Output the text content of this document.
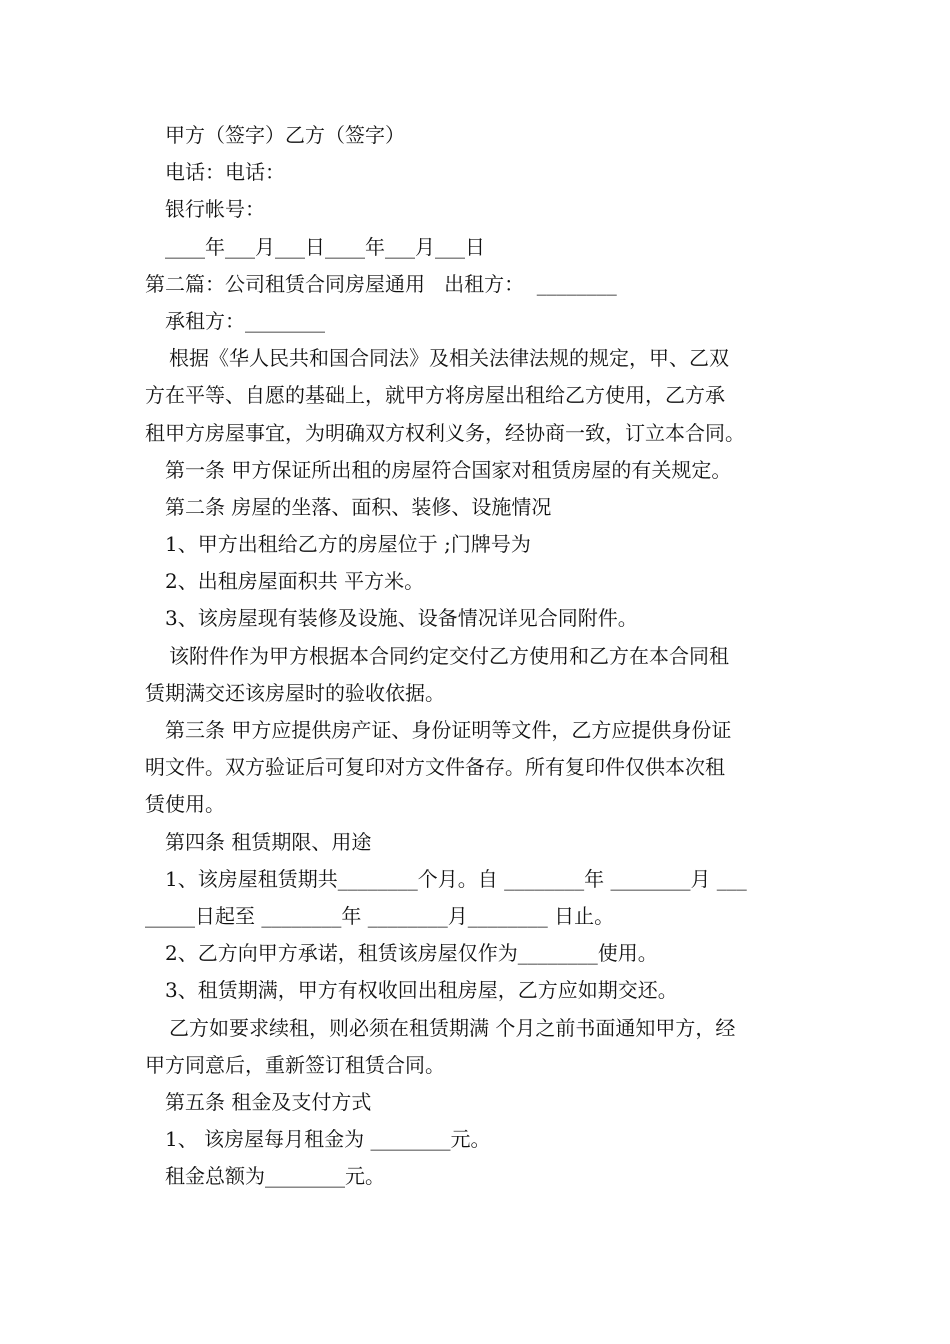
甲方（签字）乙方（签字）
电话：电话：
银行帐号：
____年___月___日____年___月___日
第二篇：公司租赁合同房屋通用   出租方：  ________
承租方：________
根据《华人民共和国合同法》及相关法律法规的规定，甲、乙双
方在平等、自愿的基础上，就甲方将房屋出租给乙方使用，乙方承
租甲方房屋事宜，为明确双方权利义务，经协商一致，订立本合同。
第一条 甲方保证所出租的房屋符合国家对租赁房屋的有关规定。
第二条 房屋的坐落、面积、装修、设施情况
1、甲方出租给乙方的房屋位于 ;门牌号为
2、出租房屋面积共 平方米。
3、该房屋现有装修及设施、设备情况详见合同附件。
该附件作为甲方根据本合同约定交付乙方使用和乙方在本合同租
赁期满交还该房屋时的验收依据。
第三条 甲方应提供房产证、身份证明等文件，乙方应提供身份证
明文件。双方验证后可复印对方文件备存。所有复印件仅供本次租
赁使用。
第四条 租赁期限、用途
1、该房屋租赁期共________个月。自 ________年 ________月 ___
_____日起至 ________年 ________月________ 日止。
2、乙方向甲方承诺，租赁该房屋仅作为________使用。
3、租赁期满，甲方有权收回出租房屋，乙方应如期交还。
乙方如要求续租，则必须在租赁期满 个月之前书面通知甲方，经
甲方同意后，重新签订租赁合同。
第五条 租金及支付方式
1、 该房屋每月租金为 ________元。
租金总额为________元。
